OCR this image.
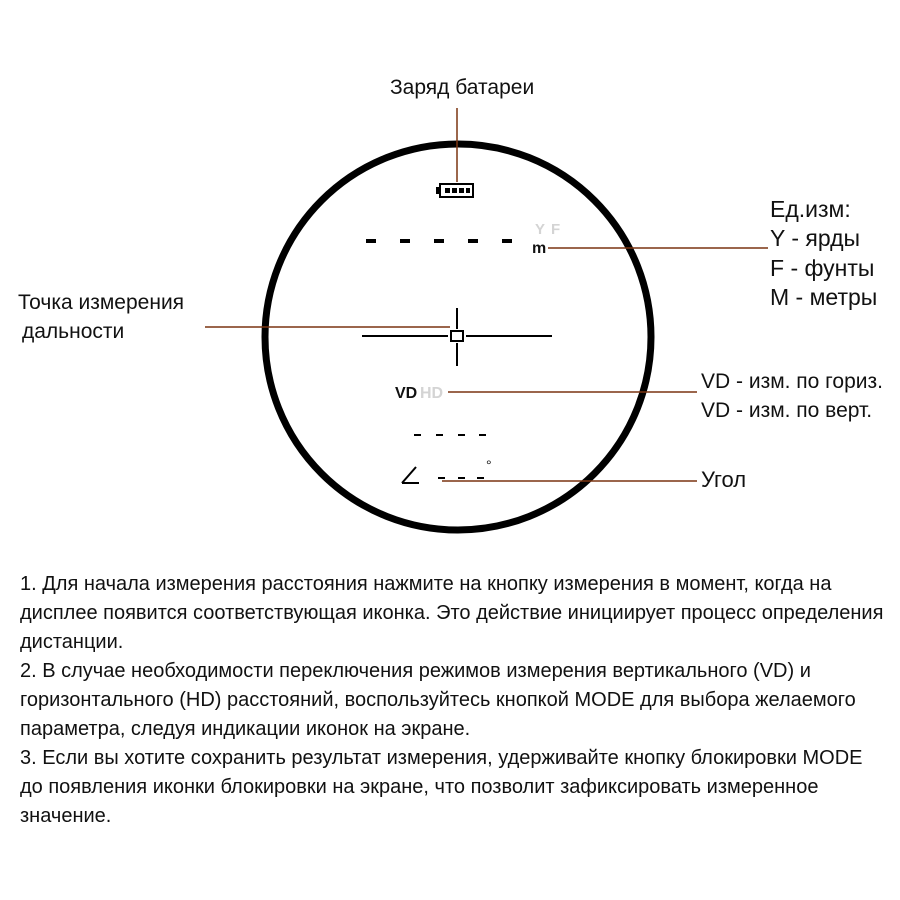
Y F
m
VD HD
°
Заряд батареи
Ед.изм:
Y - ярды
F - фунты
M - метры
Точка измерения
дальности
VD - изм. по гориз.
VD - изм. по верт.
Угол

1. Для начала измерения расстояния нажмите на кнопку измерения в момент, когда на дисплее появится соответствующая иконка. Это действие инициирует процесс определения дистанции.

2. В случае необходимости переключения режимов измерения вертикального (VD) и горизонтального (HD) расстояний, воспользуйтесь кнопкой MODE для выбора желаемого параметра, следуя индикации иконок на экране.

3. Если вы хотите сохранить результат измерения, удерживайте кнопку блокировки MODE до появления иконки блокировки на экране, что позволит зафиксировать измеренное значение.
